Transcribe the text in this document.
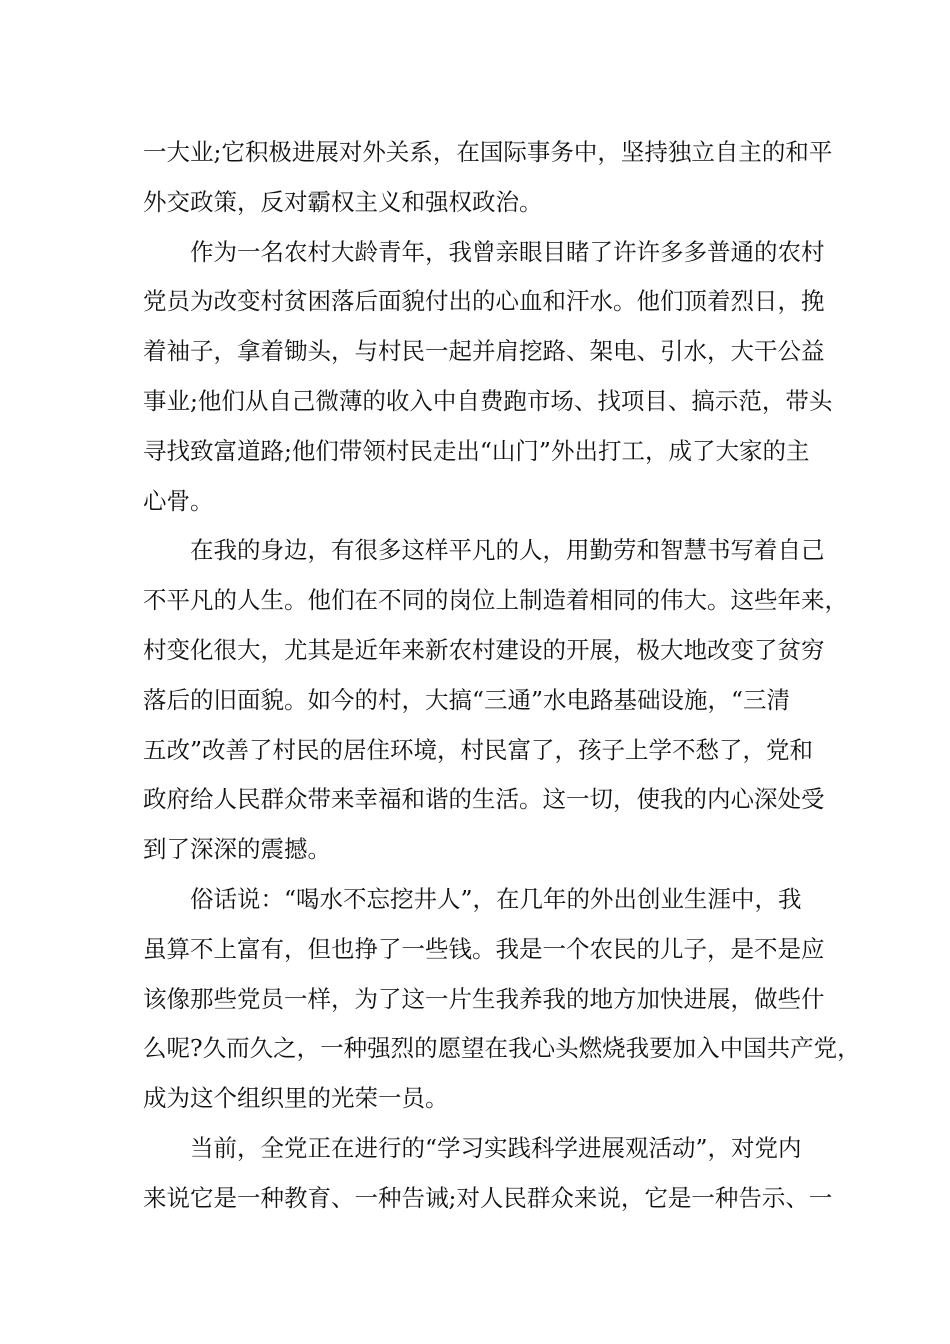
一大业;它积极进展对外关系，在国际事务中，坚持独立自主的和平
外交政策，反对霸权主义和强权政治。
作为一名农村大龄青年，我曾亲眼目睹了许许多多普通的农村
党员为改变村贫困落后面貌付出的心血和汗水。他们顶着烈日，挽
着袖子，拿着锄头，与村民一起并肩挖路、架电、引水，大干公益
事业;他们从自己微薄的收入中自费跑市场、找项目、搞示范，带头
寻找致富道路;他们带领村民走出“山门”外出打工，成了大家的主
心骨。
在我的身边，有很多这样平凡的人，用勤劳和智慧书写着自己
不平凡的人生。他们在不同的岗位上制造着相同的伟大。这些年来，
村变化很大，尤其是近年来新农村建设的开展，极大地改变了贫穷
落后的旧面貌。如今的村，大搞“三通”水电路基础设施，“三清
五改”改善了村民的居住环境，村民富了，孩子上学不愁了，党和
政府给人民群众带来幸福和谐的生活。这一切，使我的内心深处受
到了深深的震撼。
俗话说：“喝水不忘挖井人”，在几年的外出创业生涯中，我
虽算不上富有，但也挣了一些钱。我是一个农民的儿子，是不是应
该像那些党员一样，为了这一片生我养我的地方加快进展，做些什
么呢?久而久之，一种强烈的愿望在我心头燃烧我要加入中国共产党，
成为这个组织里的光荣一员。
当前，全党正在进行的“学习实践科学进展观活动”，对党内
来说它是一种教育、一种告诫;对人民群众来说，它是一种告示、一
